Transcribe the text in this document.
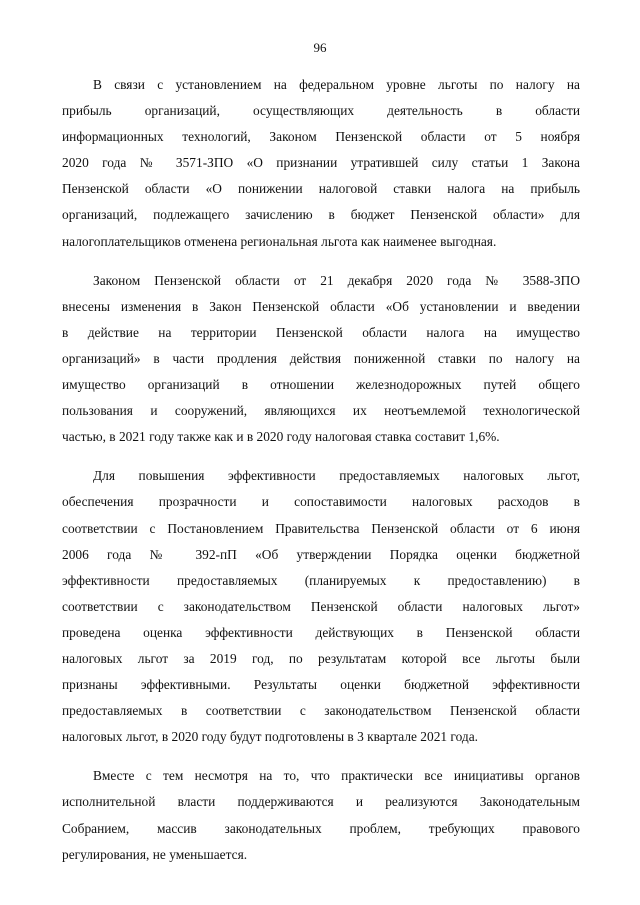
96

В связи с установлением на федеральном уровне льготы по налогу на
прибыль организаций, осуществляющих деятельность в области
информационных технологий, Законом Пензенской области от 5 ноября
2020 года № 3571-ЗПО «О признании утратившей силу статьи 1 Закона
Пензенской области «О понижении налоговой ставки налога на прибыль
организаций, подлежащего зачислению в бюджет Пензенской области» для
налогоплательщиков отменена региональная льгота как наименее выгодная.

Законом Пензенской области от 21 декабря 2020 года № 3588-ЗПО
внесены изменения в Закон Пензенской области «Об установлении и введении
в действие на территории Пензенской области налога на имущество
организаций» в части продления действия пониженной ставки по налогу на
имущество организаций в отношении железнодорожных путей общего
пользования и сооружений, являющихся их неотъемлемой технологической
частью, в 2021 году также как и в 2020 году налоговая ставка составит 1,6%.

Для повышения эффективности предоставляемых налоговых льгот,
обеспечения прозрачности и сопоставимости налоговых расходов в
соответствии с Постановлением Правительства Пензенской области от 6 июня
2006 года № 392-пП «Об утверждении Порядка оценки бюджетной
эффективности предоставляемых (планируемых к предоставлению) в
соответствии с законодательством Пензенской области налоговых льгот»
проведена оценка эффективности действующих в Пензенской области
налоговых льгот за 2019 год, по результатам которой все льготы были
признаны эффективными. Результаты оценки бюджетной эффективности
предоставляемых в соответствии с законодательством Пензенской области
налоговых льгот, в 2020 году будут подготовлены в 3 квартале 2021 года.

Вместе с тем несмотря на то, что практически все инициативы органов
исполнительной власти поддерживаются и реализуются Законодательным
Собранием, массив законодательных проблем, требующих правового
регулирования, не уменьшается.
